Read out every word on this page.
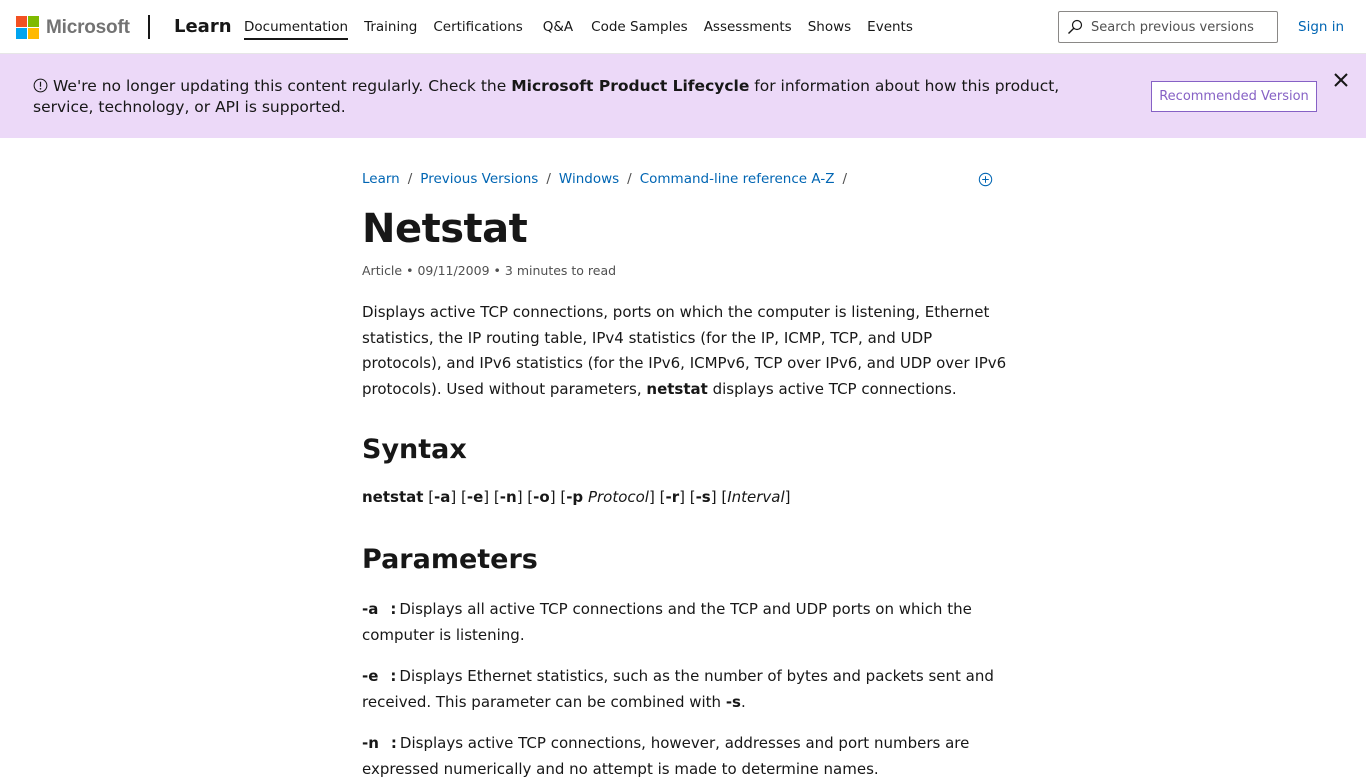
Microsoft Learn Documentation Training Certifications Q&A Code Samples Assessments Shows Events
Search previous versions	Sign in
We're no longer updating this content regularly. Check the Microsoft Product Lifecycle for information about how this product, service, technology, or API is supported.
Recommended Version
Learn / Previous Versions / Windows / Command-line reference A-Z /
Netstat
Article • 09/11/2009 • 3 minutes to read

Displays active TCP connections, ports on which the computer is listening, Ethernet statistics, the IP routing table, IPv4 statistics (for the IP, ICMP, TCP, and UDP protocols), and IPv6 statistics (for the IPv6, ICMPv6, TCP over IPv6, and UDP over IPv6 protocols). Used without parameters, netstat displays active TCP connections.

Syntax
netstat [-a] [-e] [-n] [-o] [-p Protocol] [-r] [-s] [Interval]
Parameters

-a : Displays all active TCP connections and the TCP and UDP ports on which the computer is listening.

-e : Displays Ethernet statistics, such as the number of bytes and packets sent and received. This parameter can be combined with -s.

-n : Displays active TCP connections, however, addresses and port numbers are expressed numerically and no attempt is made to determine names.
